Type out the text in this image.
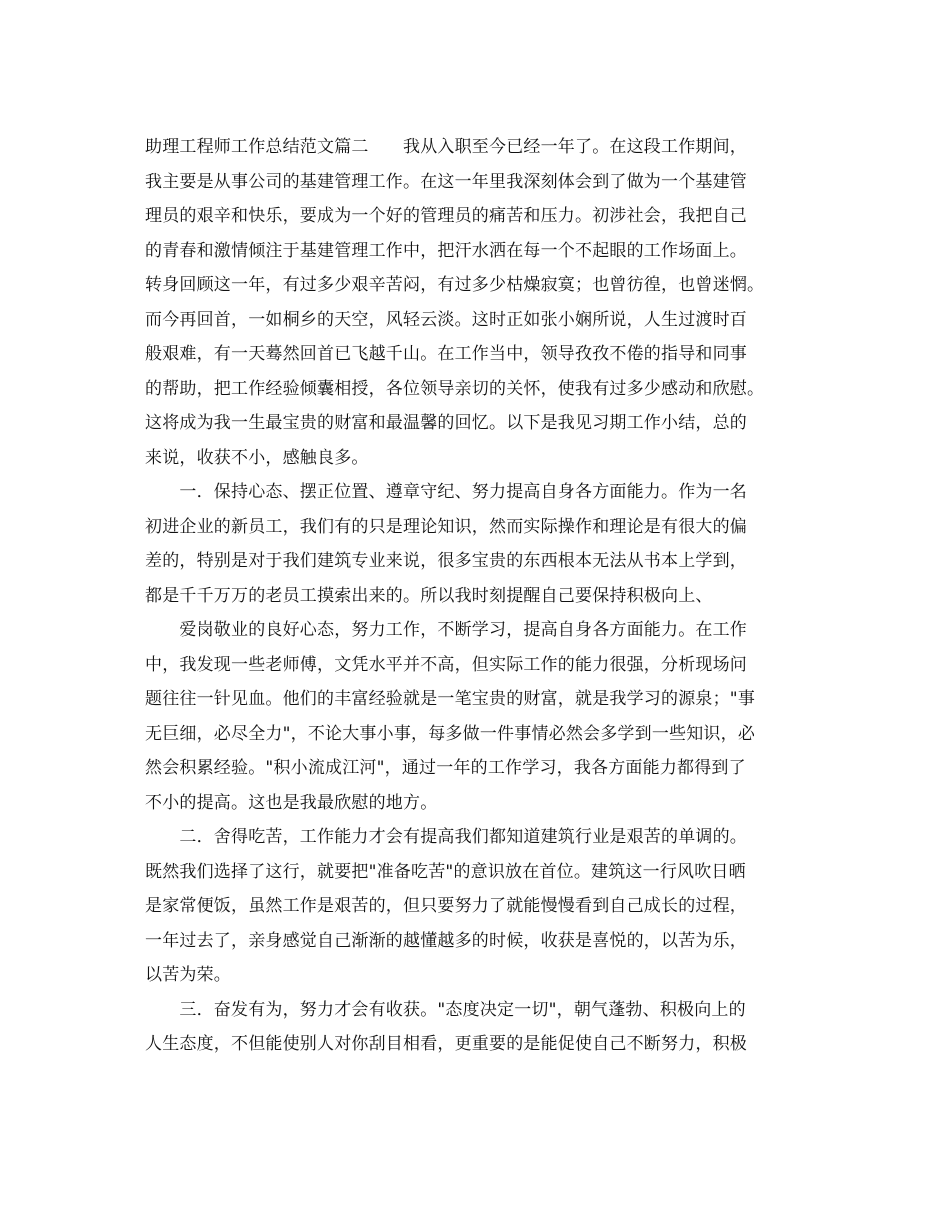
助理工程师工作总结范文篇二　　我从入职至今已经一年了。在这段工作期间，
我主要是从事公司的基建管理工作。在这一年里我深刻体会到了做为一个基建管
理员的艰辛和快乐，要成为一个好的管理员的痛苦和压力。初涉社会，我把自己
的青春和激情倾注于基建管理工作中，把汗水洒在每一个不起眼的工作场面上。
转身回顾这一年，有过多少艰辛苦闷，有过多少枯燥寂寞；也曾彷徨，也曾迷惘。
而今再回首，一如桐乡的天空，风轻云淡。这时正如张小娴所说，人生过渡时百
般艰难，有一天蓦然回首已飞越千山。在工作当中，领导孜孜不倦的指导和同事
的帮助，把工作经验倾囊相授，各位领导亲切的关怀，使我有过多少感动和欣慰。
这将成为我一生最宝贵的财富和最温馨的回忆。以下是我见习期工作小结，总的
来说，收获不小，感触良多。
　　一．保持心态、摆正位置、遵章守纪、努力提高自身各方面能力。作为一名
初进企业的新员工，我们有的只是理论知识，然而实际操作和理论是有很大的偏
差的，特别是对于我们建筑专业来说，很多宝贵的东西根本无法从书本上学到，
都是千千万万的老员工摸索出来的。所以我时刻提醒自己要保持积极向上、
　　爱岗敬业的良好心态，努力工作，不断学习，提高自身各方面能力。在工作
中，我发现一些老师傅，文凭水平并不高，但实际工作的能力很强，分析现场问
题往往一针见血。他们的丰富经验就是一笔宝贵的财富，就是我学习的源泉；"事
无巨细，必尽全力"，不论大事小事，每多做一件事情必然会多学到一些知识，必
然会积累经验。"积小流成江河"，通过一年的工作学习，我各方面能力都得到了
不小的提高。这也是我最欣慰的地方。
　　二．舍得吃苦，工作能力才会有提高我们都知道建筑行业是艰苦的单调的。
既然我们选择了这行，就要把"准备吃苦"的意识放在首位。建筑这一行风吹日晒
是家常便饭，虽然工作是艰苦的，但只要努力了就能慢慢看到自己成长的过程，
一年过去了，亲身感觉自己渐渐的越懂越多的时候，收获是喜悦的，以苦为乐，
以苦为荣。
　　三．奋发有为，努力才会有收获。"态度决定一切"，朝气蓬勃、积极向上的
人生态度，不但能使别人对你刮目相看，更重要的是能促使自己不断努力，积极
